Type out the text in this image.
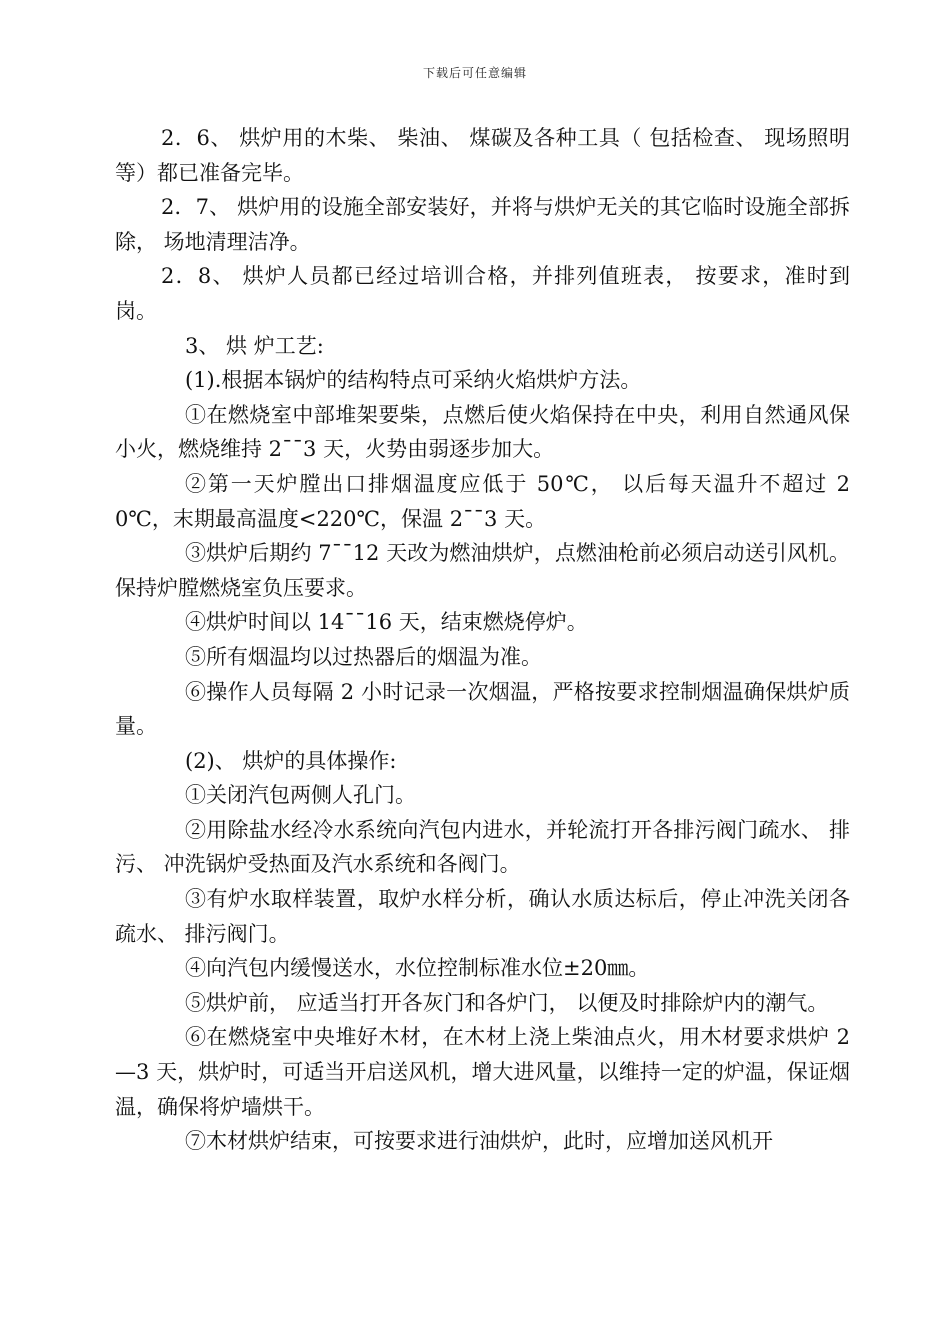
下载后可任意编辑

2．6、 烘炉用的木柴、 柴油、 煤碳及各种工具（ 包括检查、 现场照明等）都已准备完毕。

2．7、 烘炉用的设施全部安装好，并将与烘炉无关的其它临时设施全部拆除， 场地清理洁净。

2．8、 烘炉人员都已经过培训合格，并排列值班表， 按要求，准时到岗。

3、 烘 炉工艺:

(1).根据本锅炉的结构特点可采纳火焰烘炉方法。

①在燃烧室中部堆架要柴，点燃后使火焰保持在中央，利用自然通风保小火，燃烧维持 2¯¯3 天，火势由弱逐步加大。

②第一天炉膛出口排烟温度应低于 50℃， 以后每天温升不超过 20℃，末期最高温度<220℃，保温 2¯¯3 天。

③烘炉后期约 7¯¯12 天改为燃油烘炉，点燃油枪前必须启动送引风机。保持炉膛燃烧室负压要求。

④烘炉时间以 14¯¯16 天，结束燃烧停炉。

⑤所有烟温均以过热器后的烟温为准。

⑥操作人员每隔 2 小时记录一次烟温，严格按要求控制烟温确保烘炉质量。

(2)、 烘炉的具体操作:

①关闭汽包两侧人孔门。

②用除盐水经冷水系统向汽包内进水，并轮流打开各排污阀门疏水、 排污、 冲洗锅炉受热面及汽水系统和各阀门。

③有炉水取样装置，取炉水样分析，确认水质达标后，停止冲洗关闭各疏水、 排污阀门。

④向汽包内缓慢送水，水位控制标准水位±20㎜。

⑤烘炉前， 应适当打开各灰门和各炉门， 以便及时排除炉内的潮气。

⑥在燃烧室中央堆好木材，在木材上浇上柴油点火，用木材要求烘炉 2—3 天，烘炉时，可适当开启送风机，增大进风量，以维持一定的炉温，保证烟温，确保将炉墙烘干。

⑦木材烘炉结束，可按要求进行油烘炉，此时，应增加送风机开
